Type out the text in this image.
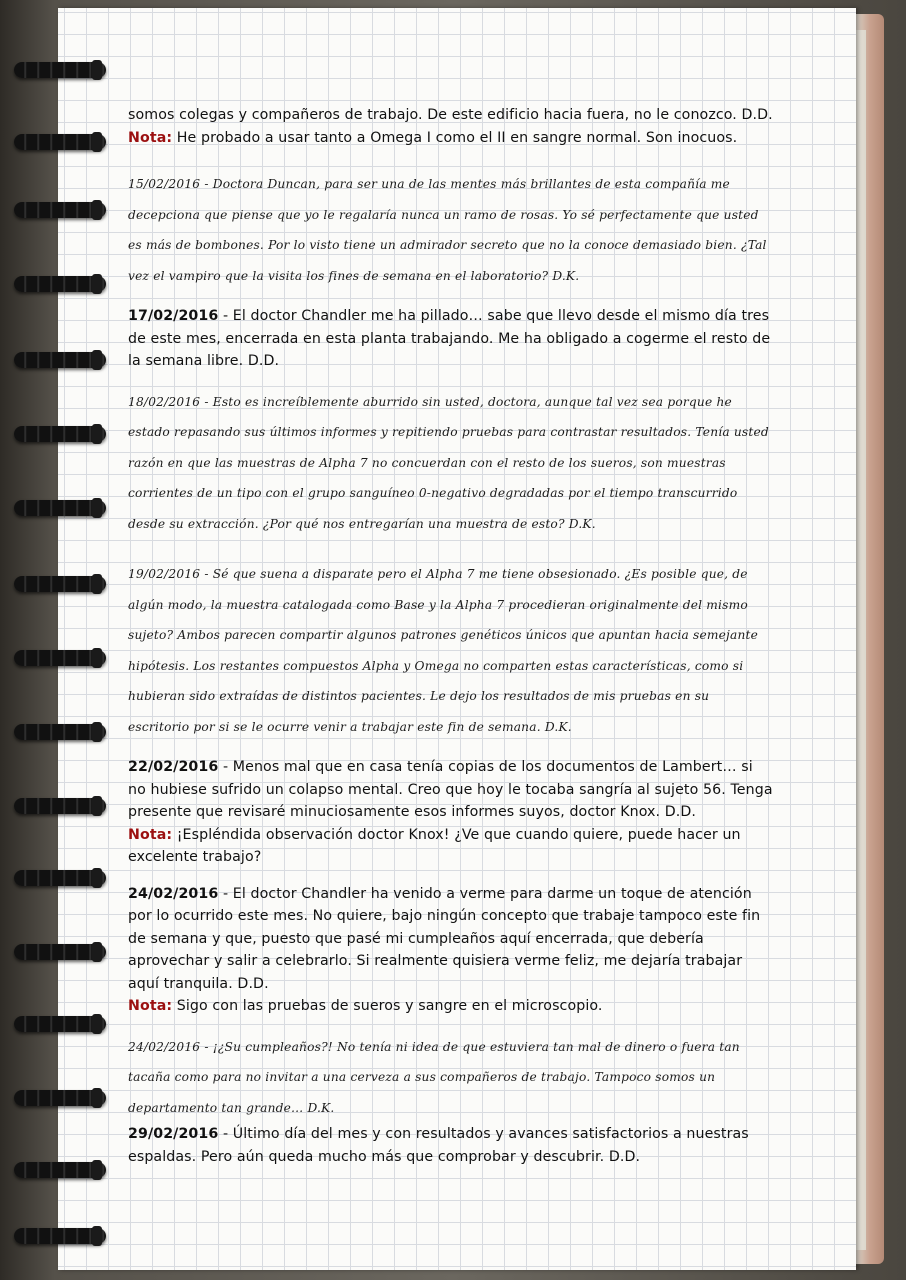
somos colegas y compañeros de trabajo. De este edificio hacia fuera, no le conozco. D.D.

Nota: He probado a usar tanto a Omega I como el II en sangre normal. Son inocuos.

15/02/2016 - Doctora Duncan, para ser una de las mentes más brillantes de esta compañía me decepciona que piense que yo le regalaría nunca un ramo de rosas. Yo sé perfectamente que usted es más de bombones. Por lo visto tiene un admirador secreto que no la conoce demasiado bien. ¿Tal vez el vampiro que la visita los fines de semana en el laboratorio? D.K.

17/02/2016 - El doctor Chandler me ha pillado… sabe que llevo desde el mismo día tres de este mes, encerrada en esta planta trabajando. Me ha obligado a cogerme el resto de la semana libre. D.D.

18/02/2016 - Esto es increíblemente aburrido sin usted, doctora, aunque tal vez sea porque he estado repasando sus últimos informes y repitiendo pruebas para contrastar resultados. Tenía usted razón en que las muestras de Alpha 7 no concuerdan con el resto de los sueros, son muestras corrientes de un tipo con el grupo sanguíneo 0-negativo degradadas por el tiempo transcurrido desde su extracción. ¿Por qué nos entregarían una muestra de esto? D.K.

19/02/2016 - Sé que suena a disparate pero el Alpha 7 me tiene obsesionado. ¿Es posible que, de algún modo, la muestra catalogada como Base y la Alpha 7 procedieran originalmente del mismo sujeto? Ambos parecen compartir algunos patrones genéticos únicos que apuntan hacia semejante hipótesis. Los restantes compuestos Alpha y Omega no comparten estas características, como si hubieran sido extraídas de distintos pacientes. Le dejo los resultados de mis pruebas en su escritorio por si se le ocurre venir a trabajar este fin de semana. D.K.

22/02/2016 - Menos mal que en casa tenía copias de los documentos de Lambert… si no hubiese sufrido un colapso mental. Creo que hoy le tocaba sangría al sujeto 56. Tenga presente que revisaré minuciosamente esos informes suyos, doctor Knox. D.D.

Nota: ¡Espléndida observación doctor Knox! ¿Ve que cuando quiere, puede hacer un excelente trabajo?

24/02/2016 - El doctor Chandler ha venido a verme para darme un toque de atención por lo ocurrido este mes. No quiere, bajo ningún concepto que trabaje tampoco este fin de semana y que, puesto que pasé mi cumpleaños aquí encerrada, que debería aprovechar y salir a celebrarlo. Si realmente quisiera verme feliz, me dejaría trabajar aquí tranquila. D.D.

Nota: Sigo con las pruebas de sueros y sangre en el microscopio.

24/02/2016 - ¡¿Su cumpleaños?! No tenía ni idea de que estuviera tan mal de dinero o fuera tan tacaña como para no invitar a una cerveza a sus compañeros de trabajo. Tampoco somos un departamento tan grande… D.K.

29/02/2016 - Último día del mes y con resultados y avances satisfactorios a nuestras espaldas. Pero aún queda mucho más que comprobar y descubrir. D.D.
